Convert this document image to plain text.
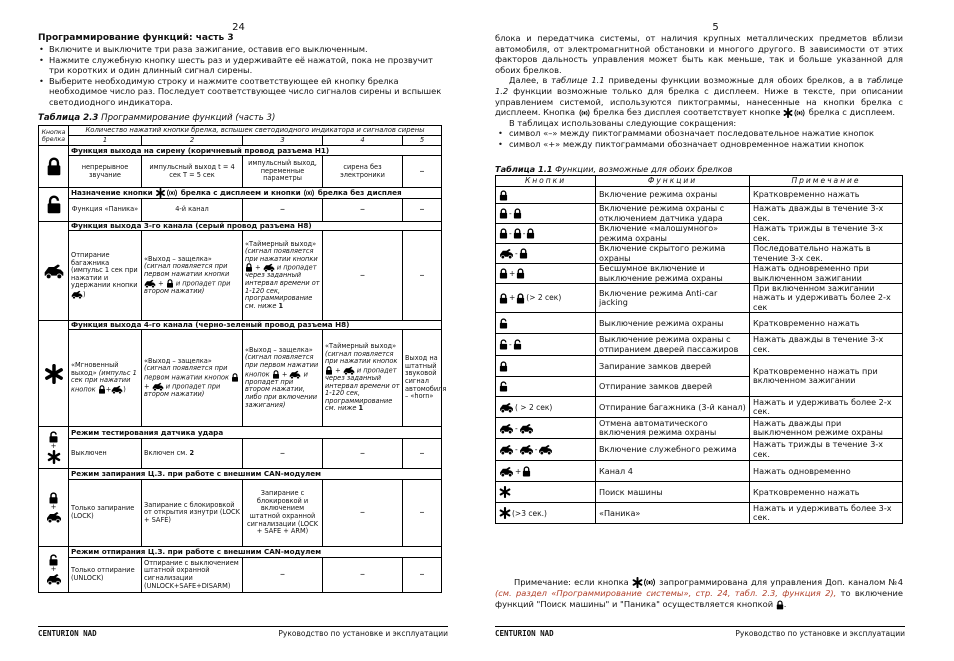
24
Программирование функций: часть 3
• Включите и выключите три раза зажигание, оставив его выключенным.
• Нажмите служебную кнопку шесть раз и удерживайте её нажатой, пока не прозвучит три коротких и один длинный сигнал сирены.
• Выберите необходимую строку и нажмите соответствующее ей кнопку брелка необходимое число раз. Последует соответствующее число сигналов сирены и вспышек светодиодного индикатора.
Таблица 2.3 Программирование функций (часть 3)
Кнопка брелка	Количество нажатий кнопки брелка, вспышек светодиодного индикатора и сигналов сирены				
	1	2	3	4	5
	Функция выхода на сирену (коричневый провод разъема Н1)				
	непрерывное звучание	импульсный выход t = 4 сек T = 5 сек	импульсный выход, переменные параметры	сирена без электроники	–
	Назначение кнопки брелка с дисплеем и кнопки  брелка без дисплея				
	Функция «Паника»	4-й канал	–	–	–
	Функция выхода 3-го канала (серый провод разъема Н8)				
	Отпирание багажника (импульс 1 сек при нажатии и удержании кнопки )	«Выход – защелка» (сигнал появляется при первом нажатии кнопки  +  и пропадет при втором нажатии)	«Таймерный выход» (сигнал появляется при нажатии кнопки  +  и пропадет через заданный интервал времени от 1-120 сек, программирование см. ниже 1	–	–
	Функция выхода 4-го канала (черно-зеленый провод разъема Н8)				
	«Мгновенный выход» (импульс 1 сек при нажатии кнопок + )	«Выход – защелка» (сигнал появляется при первом нажатии кнопок  +  и пропадет при втором нажатии)	«Выход – защелка» (сигнал появляется при первом нажатии кнопок  +  и пропадет при втором нажатии, либо при включении зажигания)	«Таймерный выход» (сигнал появляется при нажатии кнопок  +  и пропадет через заданный интервал времени от 1-120 сек, программирование см. ниже 1	Выход на штатный звуковой сигнал автомобиля – «horn»

+	Режим тестирования датчика удара				
	Выключен	Включен см. 2	–	–	–

+	Режим запирания Ц.З. при работе с внешним CAN-модулем				
	Только запирание (LOCK)	Запирание с блокировкой от открытия изнутри (LOCK + SAFE)	Запирание с блокировкой и включением штатной охранной сигнализации (LOCK + SAFE + ARM)	–	–

+	Режим отпирания Ц.З. при работе с внешним CAN-модулем				
	Только отпирание (UNLOCK)	Отпирание с выключением штатной охранной сигнализации (UNLOCK+SAFE+DISARM)	–	–	–
CENTURION NAD	Руководство по установке и эксплуатации
5

блока и передатчика системы, от наличия крупных металлических предметов вблизи автомобиля, от электромагнитной обстановки и многого другого. В зависимости от этих факторов дальность управления может быть как меньше, так и больше указанной для обоих брелков.

Далее, в таблице 1.1 приведены функции возможные для обоих брелков, а в таблице 1.2 функции возможные только для брелка с дисплеем. Ниже в тексте, при описании управлением системой, используются пиктограммы, нанесенные на кнопки брелка с дисплеем. Кнопка  брелка без дисплея соответствует кнопке	брелка с дисплеем.

В таблицах использованы следующие сокращения:

• символ «–» между пиктограммами обозначает последовательное нажатие кнопок
• символ «+» между пиктограммами обозначает одновременное нажатии кнопок
Таблица 1.1 Функции, возможные для обоих брелков
Кнопки	Функции	Примечание

	Включение режима охраны	Кратковременно нажать

-	Включение режима охраны с отключением датчика удара	Нажать дважды в течение 3-х сек.

- -	Включение «малошумного» режима охраны	Нажать трижды в течение 3-х сек.

-	Включение скрытого режима охраны	Последовательно нажать в течение 3-х сек.

+	Бесшумное включение и выключение режима охраны	Нажать одновременно при выключенном зажигании

+ (> 2 сек)	Включение режима Anti-car jacking	При включенном зажигании нажать и удерживать более 2-х сек

	Выключение режима охраны	Кратковременно нажать

-	Выключение режима охраны с отпиранием дверей пассажиров	Нажать дважды в течение 3-х сек.

	Запирание замков дверей	Кратковременно нажать при включенном зажигании

	Отпирание замков дверей	

( > 2 сек)	Отпирание багажника (3-й канал)	Нажать и удерживать более 2-х сек.

-	Отмена автоматического включения режима охраны	Нажать дважды при выключенном режиме охраны

- -	Включение служебного режима	Нажать трижды в течение 3-х сек.

+	Канал 4	Нажать одновременно

	Поиск машины	Кратковременно нажать

(>3 сек.)	«Паника»	Нажать и удерживать более 3-х сек.
Примечание: если кнопка	запрограммирована для управления Доп. каналом №4 (см. раздел «Программирование системы», стр. 24, табл. 2.3, функция 2), то включение функций "Поиск машины" и "Паника" осуществляется кнопкой .
CENTURION NAD	Руководство по установке и эксплуатации
